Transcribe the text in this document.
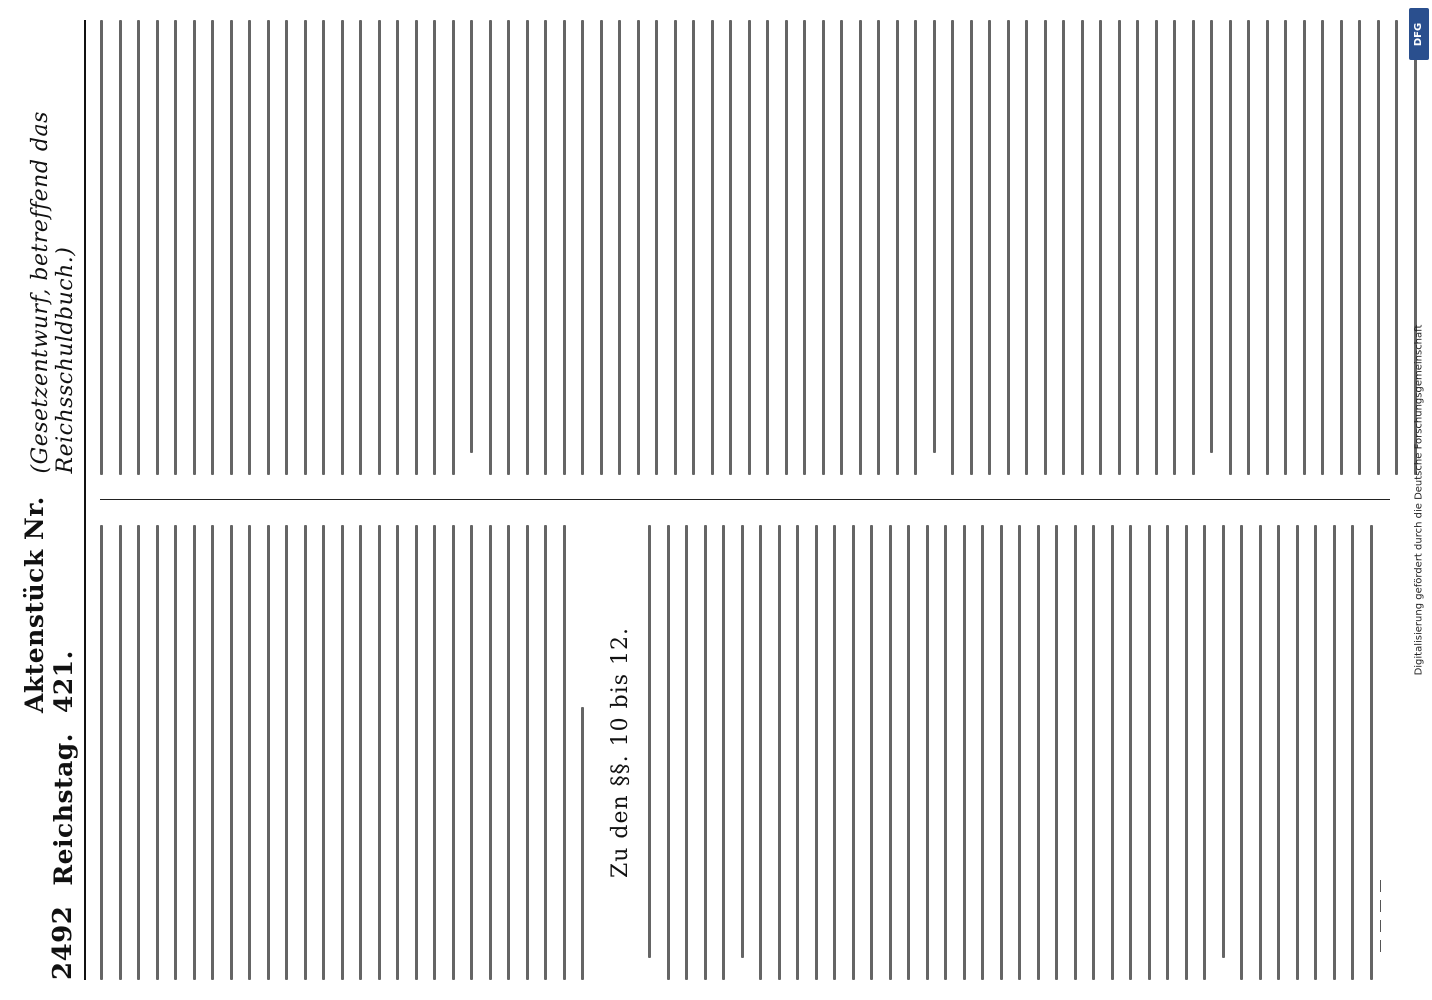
2492
Reichstag.
Aktenstück Nr. 421.
(Gesetzentwurf, betreffend das Reichsschuldbuch.)
Zu den §§. 10 bis 12.
DFG
Digitalisierung gefördert durch die Deutsche Forschungsgemeinschaft
